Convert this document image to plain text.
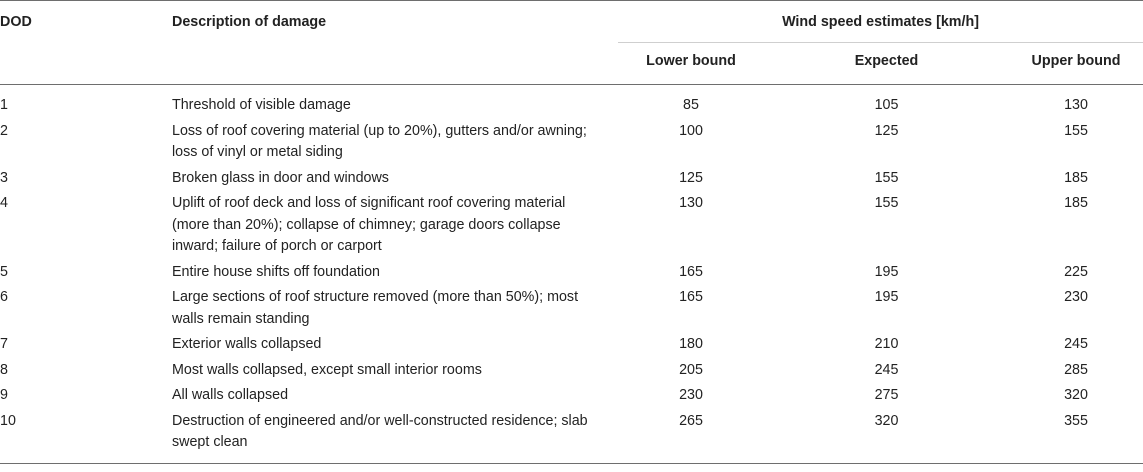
DOD	Description of damage	Wind speed estimates [km/h]		
		Lower bound	Expected	Upper bound
1	Threshold of visible damage	85	105	130
2	Loss of roof covering material (up to 20%), gutters and/or awning; loss of vinyl or metal siding	100	125	155
3	Broken glass in door and windows	125	155	185
4	Uplift of roof deck and loss of significant roof covering material (more than 20%); collapse of chimney; garage doors collapse inward; failure of porch or carport	130	155	185
5	Entire house shifts off foundation	165	195	225
6	Large sections of roof structure removed (more than 50%); most walls remain standing	165	195	230
7	Exterior walls collapsed	180	210	245
8	Most walls collapsed, except small interior rooms	205	245	285
9	All walls collapsed	230	275	320
10	Destruction of engineered and/or well-constructed residence; slab swept clean	265	320	355
